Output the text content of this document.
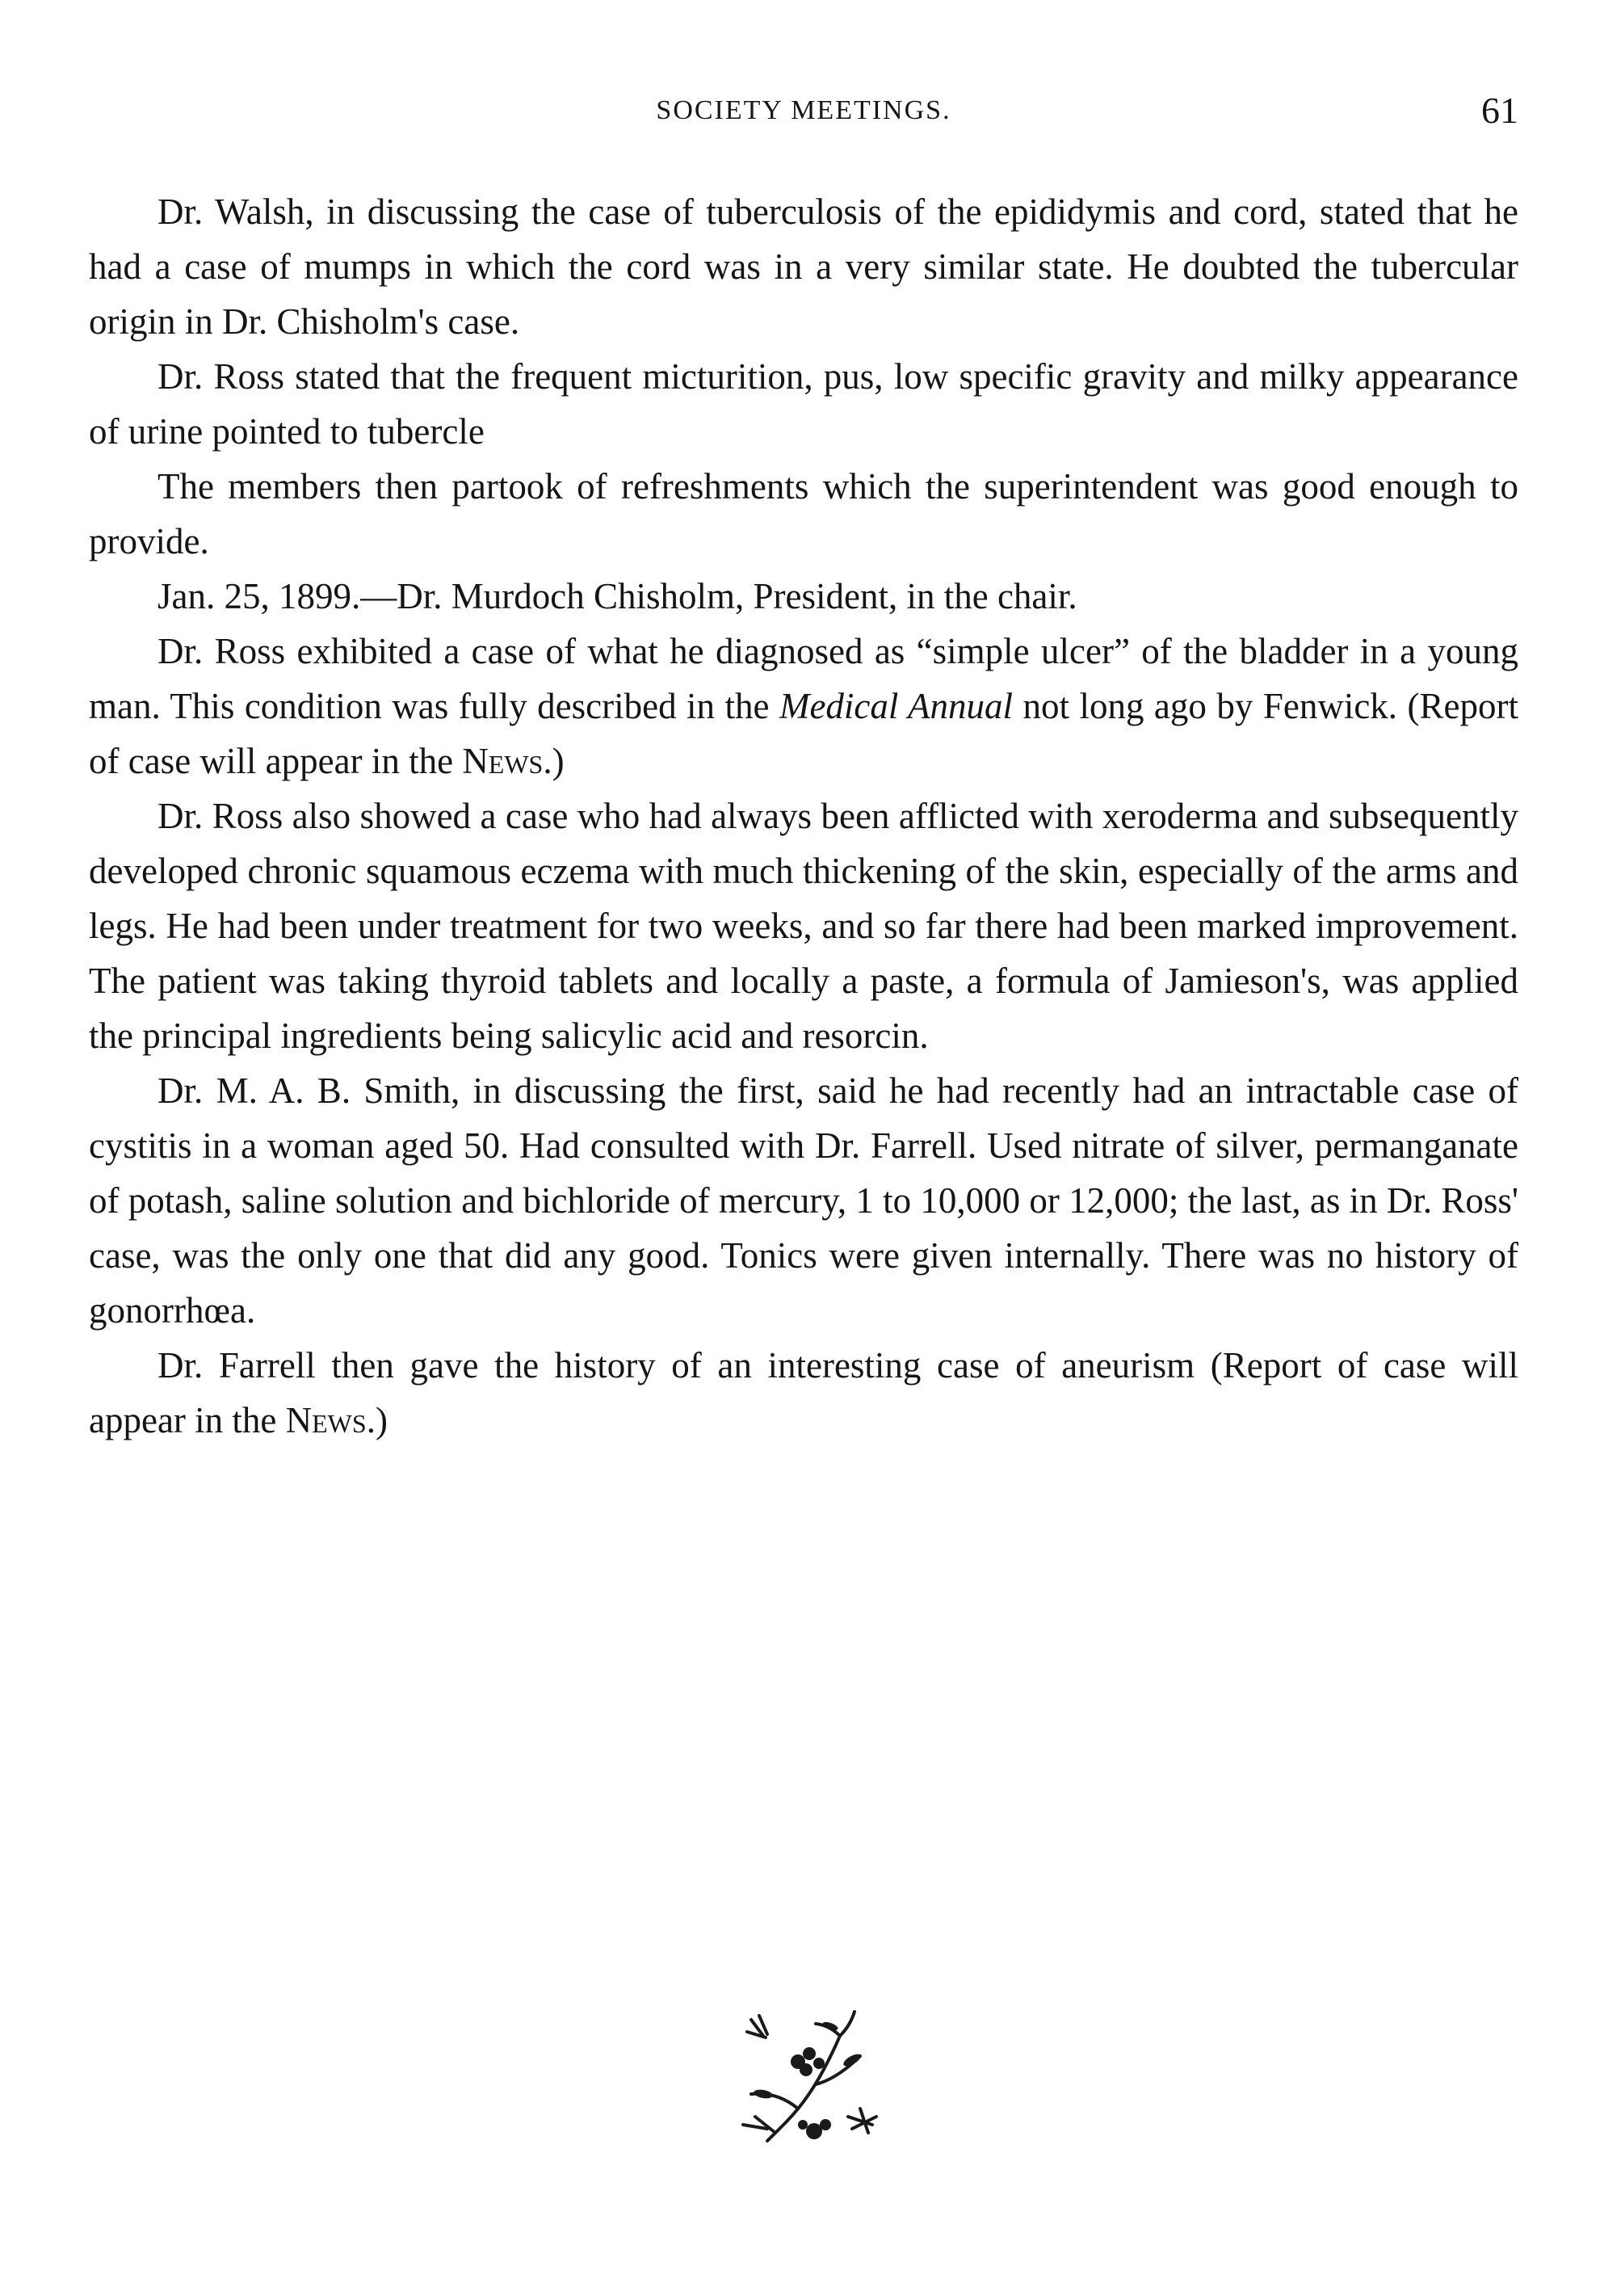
SOCIETY MEETINGS.	61

Dr. Walsh, in discussing the case of tuberculosis of the epididymis and cord, stated that he had a case of mumps in which the cord was in a very similar state. He doubted the tubercular origin in Dr. Chisholm's case.

Dr. Ross stated that the frequent micturition, pus, low specific gravity and milky appearance of urine pointed to tubercle

The members then partook of refreshments which the superintendent was good enough to provide.

Jan. 25, 1899.—Dr. Murdoch Chisholm, President, in the chair.

Dr. Ross exhibited a case of what he diagnosed as “simple ulcer” of the bladder in a young man. This condition was fully described in the Medical Annual not long ago by Fenwick. (Report of case will appear in the News.)

Dr. Ross also showed a case who had always been afflicted with xeroderma and subsequently developed chronic squamous eczema with much thickening of the skin, especially of the arms and legs. He had been under treatment for two weeks, and so far there had been marked improvement. The patient was taking thyroid tablets and locally a paste, a formula of Jamieson's, was applied the principal ingredients being salicylic acid and resorcin.

Dr. M. A. B. Smith, in discussing the first, said he had recently had an intractable case of cystitis in a woman aged 50. Had consulted with Dr. Farrell. Used nitrate of silver, permanganate of potash, saline solution and bichloride of mercury, 1 to 10,000 or 12,000; the last, as in Dr. Ross' case, was the only one that did any good. Tonics were given internally. There was no history of gonorrhœa.

Dr. Farrell then gave the history of an interesting case of aneurism (Report of case will appear in the News.)
